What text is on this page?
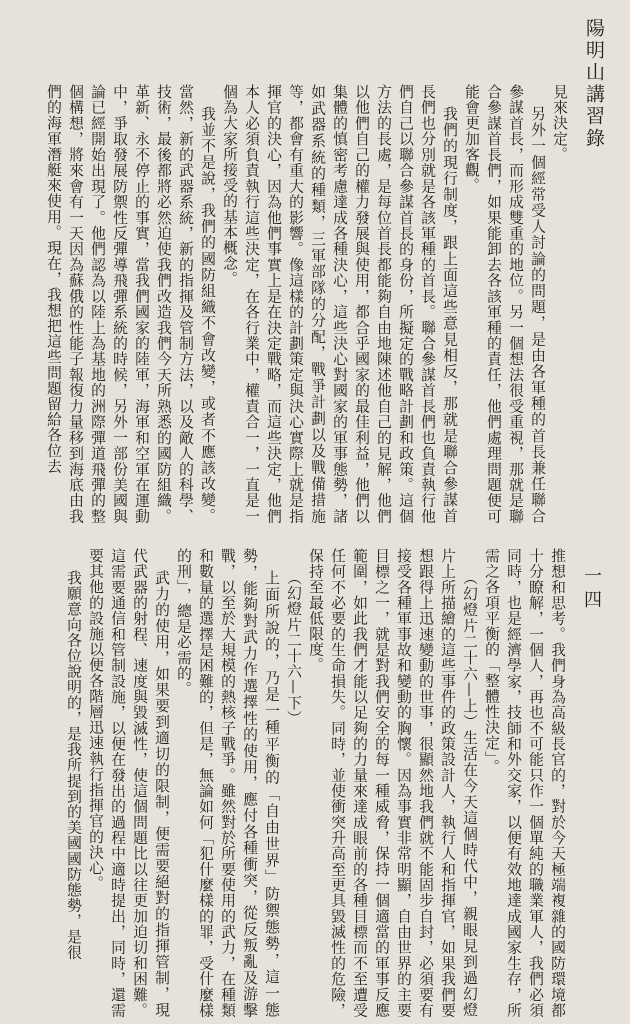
陽明山講習錄
一四

見來決定。

另外一個經常受人討論的問題，是由各軍種的首長兼任聯合參謀首長，而形成雙重的地位。另一個想法很受重視，那就是聯合參謀首長們，如果能卸去各該軍種的責任，他們處理問題便可能會更加客觀。

我們的現行制度，跟上面這些意見相反，那就是聯合參謀首長們也分別就是各該軍種的首長。聯合參謀首長們也負責執行他們自己以聯合參謀首長的身份，所擬定的戰略計劃和政策。這個方法的長處，是每位首長都能夠自由地陳述他自己的見解，他們以他們自己的權力發展與使用，都合乎國家的最佳利益，他們以集體的慎密考慮達成各種決心，這些決心對國家的軍事態勢，諸如武器系統的種類，三軍部隊的分配，戰爭計劃以及戰備措施等，都會有重大的影響。像這樣的計劃策定與決心實際上就是指揮官的決心，因為他們事實上是在決定戰略，而這些決定，他們本人必須負責執行這些決定，在各行業中，權責合一，一直是一個為大家所接受的基本概念。

我並不是說，我們的國防組織不會改變，或者不應該改變。當然，新的武器系統，新的指揮及管制方法，以及敵人的科學、技術，最後都將必然迫使我們改造我們今天所熟悉的國防組織。革新、永不停止的事實，當我們國家的陸軍，海軍和空軍在運動中，爭取發展防禦性反彈導飛彈系統的時候，另外一部份美國與論已經開始出現了。他們認為以陸上為基地的洲際彈道飛彈的整個構想，將來會有一天因為蘇俄的性能子報復力量移到海底由我們的海軍潛艇來使用。現在，我想把這些問題留給各位去

推想和思考。我們身為高級長官的，對於今天極端複雜的國防環境都十分瞭解，一個人，再也不可能只作一個單純的職業軍人，我們必須同時，也是經濟學家，技師和外交家，以便有效地達成國家生存，所需之各項平衡的「整體性決定」。

（幻燈片二十六—上）生活在今天這個時代中，親眼見到過幻燈片上所描繪的這些事件的政策設計人，執行人和指揮官，如果我們要想跟得上迅速變動的世事，很顯然地我們就不能固步自封，必須要有接受各種軍事故和變動的胸懷。因為事實非常明顯，自由世界的主要目標之一，就是對我們安全的每一種威脅，保持一個適當的軍事反應範圍，如此我們才能以足夠的力量來達成眼前的各種目標而不至遭受任何不必要的生命損失。同時，並使衝突升高至更具毀滅性的危險，保持至最低限度。

（幻燈片二十六—下）

上面所說的，乃是一種平衡的「自由世界」防禦態勢，這一態勢，能夠對武力作選擇性的使用，應付各種衝突，從反叛亂及游擊戰，以至於大規模的熱核子戰爭。雖然對於所要使用的武力，在種類和數量的選擇是困難的，但是，無論如何「犯什麼樣的罪，受什麼樣的刑」，總是必需的。

武力的使用，如果要到適切的限制，便需要絕對的指揮管制，現代武器的射程、速度與毀滅性，使這個問題比以往更加迫切和困難。這需要通信和管制設施，以便在發出的過程中適時提出，同時，還需要其他的設施以便各階層迅速執行指揮官的決心。

我願意向各位說明的，是我所提到的美國國防態勢，是很
